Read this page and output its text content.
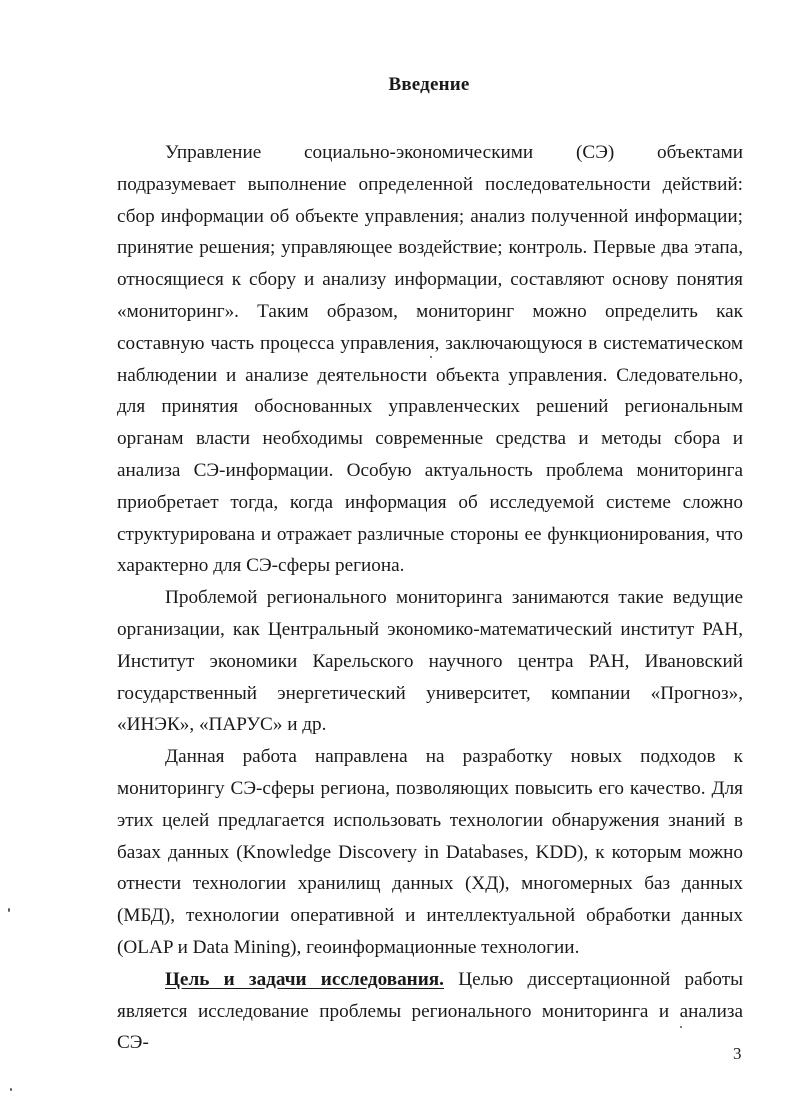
Введение

Управление социально-экономическими (СЭ) объектами подразумевает выполнение определенной последовательности действий: сбор информации об объекте управления; анализ полученной информации; принятие решения; управляющее воздействие; контроль. Первые два этапа, относящиеся к сбору и анализу информации, составляют основу понятия «мониторинг». Таким образом, мониторинг можно определить как составную часть процесса управления, заключающуюся в систематическом наблюдении и анализе деятельности объекта управления. Следовательно, для принятия обоснованных управленческих решений региональным органам власти необходимы современные средства и методы сбора и анализа СЭ-информации. Особую актуальность проблема мониторинга приобретает тогда, когда информация об исследуемой системе сложно структурирована и отражает различные стороны ее функционирования, что характерно для СЭ-сферы региона.

Проблемой регионального мониторинга занимаются такие ведущие организации, как Центральный экономико-математический институт РАН, Институт экономики Карельского научного центра РАН, Ивановский государственный энергетический университет, компании «Прогноз», «ИНЭК», «ПАРУС» и др.

Данная работа направлена на разработку новых подходов к мониторингу СЭ-сферы региона, позволяющих повысить его качество. Для этих целей предлагается использовать технологии обнаружения знаний в базах данных (Knowledge Discovery in Databases, KDD), к которым можно отнести технологии хранилищ данных (ХД), многомерных баз данных (МБД), технологии оперативной и интеллектуальной обработки данных (OLAP и Data Mining), геоинформационные технологии.

Цель и задачи исследования. Целью диссертационной работы является исследование проблемы регионального мониторинга и анализа СЭ-

3
